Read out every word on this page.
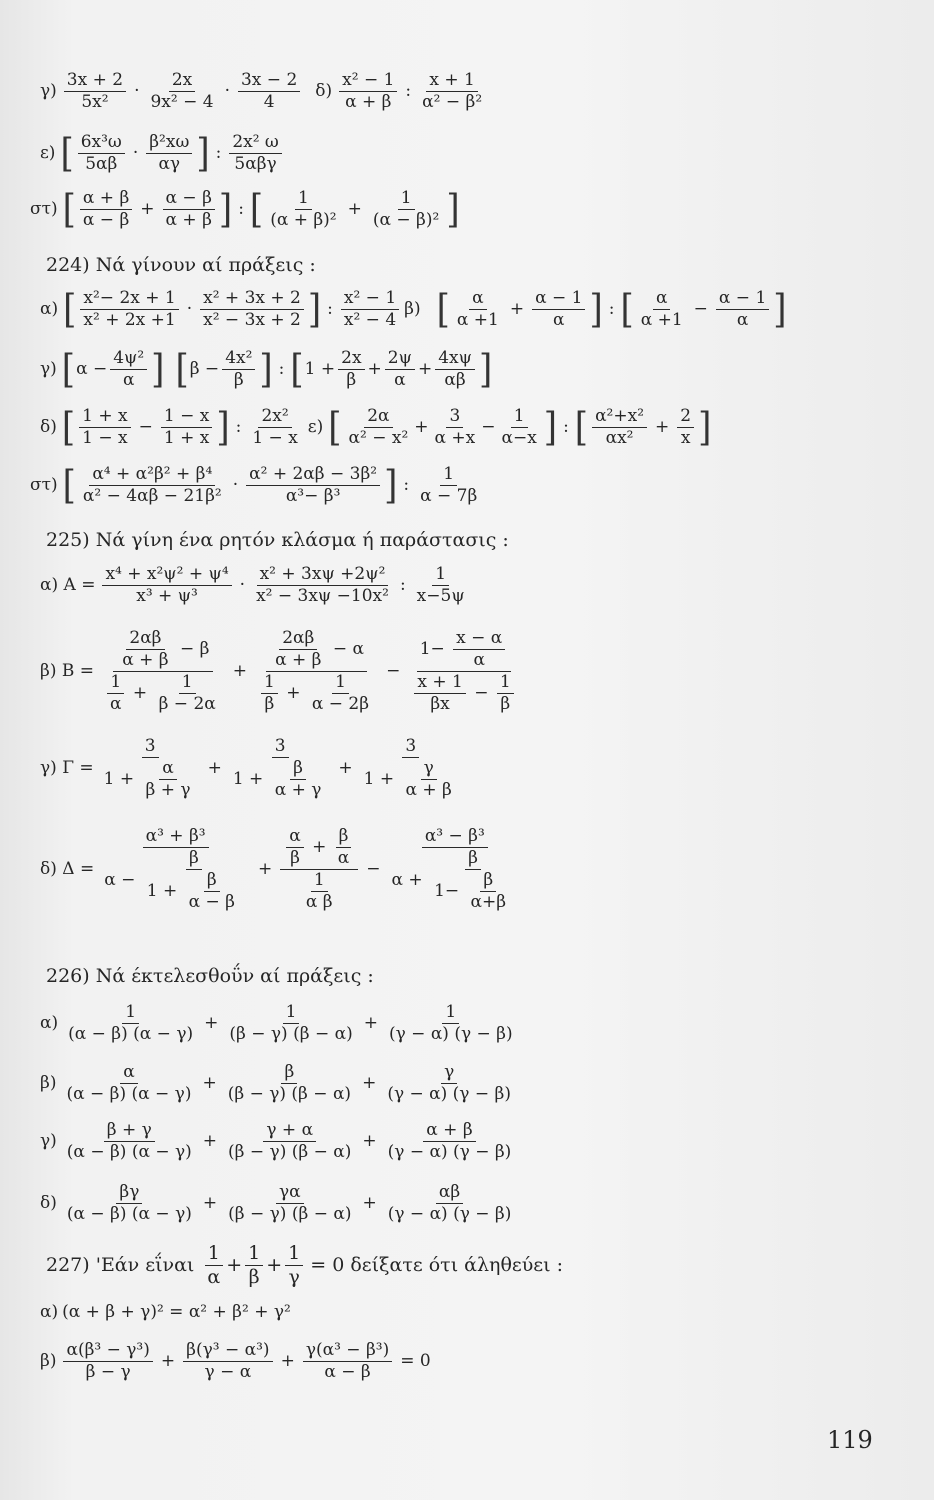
γ)
3x + 2
5x²
·
2x
9x² − 4
·
3x − 2
4
δ)
x² − 1
α + β
:
x + 1
α² − β²
ε) [ 6x³ω
5αβ
·
β²xω
αγ ] :
2x² ω
5αβγ
στ) [ α + β
α − β
+ $\frac{\alpha - \beta}{\alpha + \beta}$ ] : [ 1
(α + β)²
+ $\frac{1}{\text{(α − β)²}}$ ]
224) Νά γίνουν αί πράξεις :
α) [ x²− 2x + 1
x² + 2x +1
·
x² + 3x + 2
x² − 3x + 2 ] :
x² − 1
x² − 4
β) [ α
α +1
+ $\frac{\alpha - 1}{\alpha}$ ] : [ α
α +1
− $\frac{\alpha - 1}{\alpha}$ ]
γ) [ α −
4ψ²
α ] [ β −
4x²
β ] : [ 1 +
2x
β
+
2ψ
α
+
4xψ
αβ ]
δ) [ 1 + x
1 − x
− $\frac{1 - x}{1 + x}$ ] :
2x²
1 − x
ε) [ 2α
α² − x²
+
3
α +x
−
1
α−x ] : [ α²+x²
αx²
+ $\frac{2}{x}$ ]
στ) [ α⁴ + α²β² + β⁴
α² − 4αβ − 21β²
·
α² + 2αβ − 3β²
α³− β³ ] :
1
α − 7β
225) Νά γίνη ένα ρητόν κλάσμα ή παράστασις :
α) $A = \frac{\text{x⁴ + x²ψ² + ψ⁴}}{\text{x³ + ψ³}}$ ·
x² + 3xψ +2ψ²
x² − 3xψ −10x²
:
1
x−5ψ
β) B =
$\frac{2\alpha\beta}{\alpha + \beta} - \beta$
$\frac{1}{\alpha} + \frac{1}{\beta - 2\alpha}$
+
$\frac{2\alpha\beta}{\alpha + \beta} - \alpha$
$\frac{1}{\beta} + \frac{1}{\alpha - 2\beta}$
− $\frac{1- \frac{x - \alpha}{\alpha}}{\frac{x + 1}{\beta x} - \frac{1}{\beta}}$
γ) $\Gamma = \frac{3}{1 + \frac{\alpha}{\beta + \gamma}} + \frac{3}{1 + \frac{\beta}{\alpha + \gamma}} + \frac{3}{1 + \frac{\gamma}{\alpha + \beta}}$
δ) $\Delta = \frac{\text{α³ + β³}}{\alpha - \frac{\beta}{1 + \frac{\beta}{\alpha - \beta}}} + \frac{\frac{\alpha}{\beta} + \frac{\beta}{\alpha}}{\frac{1}{\text{α β}}} - \frac{\text{α³ − β³}}{\alpha + \frac{\beta}{1- \frac{\beta}{\alpha+\beta}}}$
226) Νά έκτελεσθοΰν αί πράξεις :
α)
1
(α − β) (α − γ)
+ $\frac{1}{(\beta - \gamma) (\beta - \alpha)} + \frac{1}{(\gamma - \alpha) (\gamma - \beta)}$
β)
α
(α − β) (α − γ)
+ $\frac{\beta}{(\beta - \gamma) (\beta - \alpha)} + \frac{\gamma}{(\gamma - \alpha) (\gamma - \beta)}$
γ)
β + γ
(α − β) (α − γ)
+ $\frac{\gamma + \alpha}{(\beta - \gamma) (\beta - \alpha)} + \frac{\alpha + \beta}{(\gamma - \alpha) (\gamma - \beta)}$
δ)
βγ
(α − β) (α − γ)
+ $\frac{\gamma\alpha}{(\beta - \gamma) (\beta - \alpha)} + \frac{\alpha\beta}{(\gamma - \alpha) (\gamma - \beta)}$
227) 'Εάν εΐναι
1
α
+
1
β
+ $\frac{1}{\gamma} = 0$ δείξατε ότι άληθεύει :
α) (α + β + γ)² = α² + β² + γ²
β)
α(β³ − γ³)
β − γ
+ $\frac{\text{β(γ³ − α³)}}{\gamma - \alpha} + \frac{\text{γ(α³ − β³)}}{\alpha - \beta} = 0$
119
